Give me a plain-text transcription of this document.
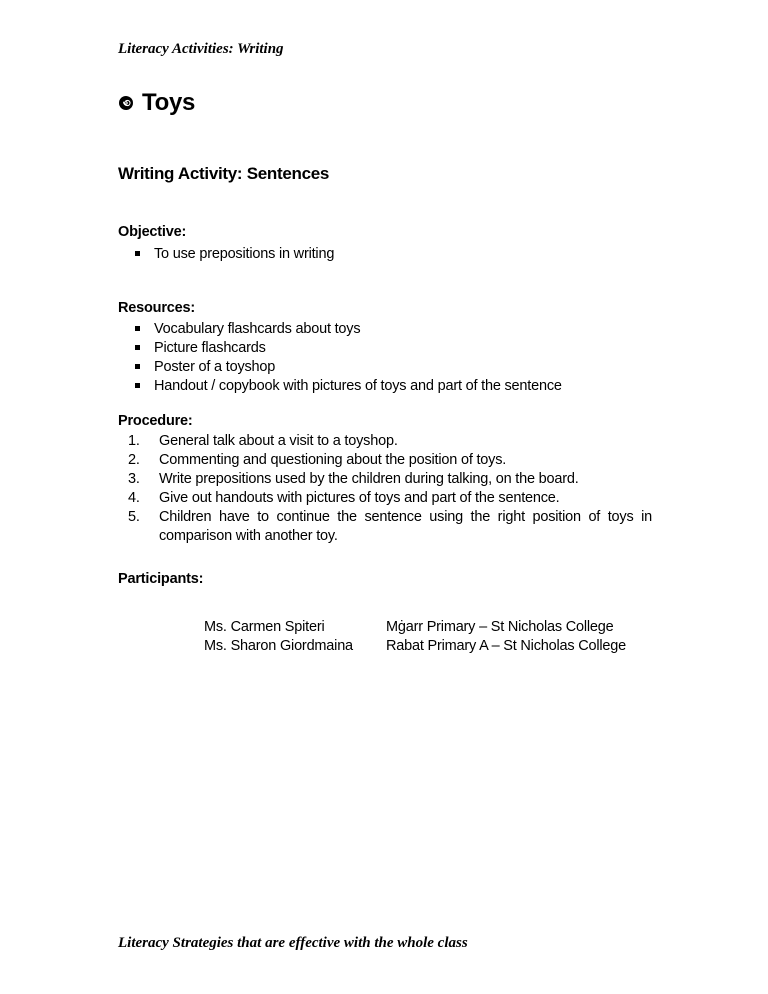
Literacy Activities: Writing
Toys
Writing Activity: Sentences
Objective:
To use prepositions in writing
Resources:
Vocabulary flashcards about toys
Picture flashcards
Poster of a toyshop
Handout / copybook with pictures of toys and part of the sentence
Procedure:
1.	General talk about a visit to a toyshop.
2.	Commenting and questioning about the position of toys.
3.	Write prepositions used by the children during talking, on the board.
4.	Give out handouts with pictures of toys and part of the sentence.
5.	Children have to continue the sentence using the right position of toys in comparison with another toy.
Participants:
Ms. Carmen Spiteri	Mġarr Primary – St Nicholas College
Ms. Sharon Giordmaina	Rabat Primary A – St Nicholas College
Literacy Strategies that are effective with the whole class
